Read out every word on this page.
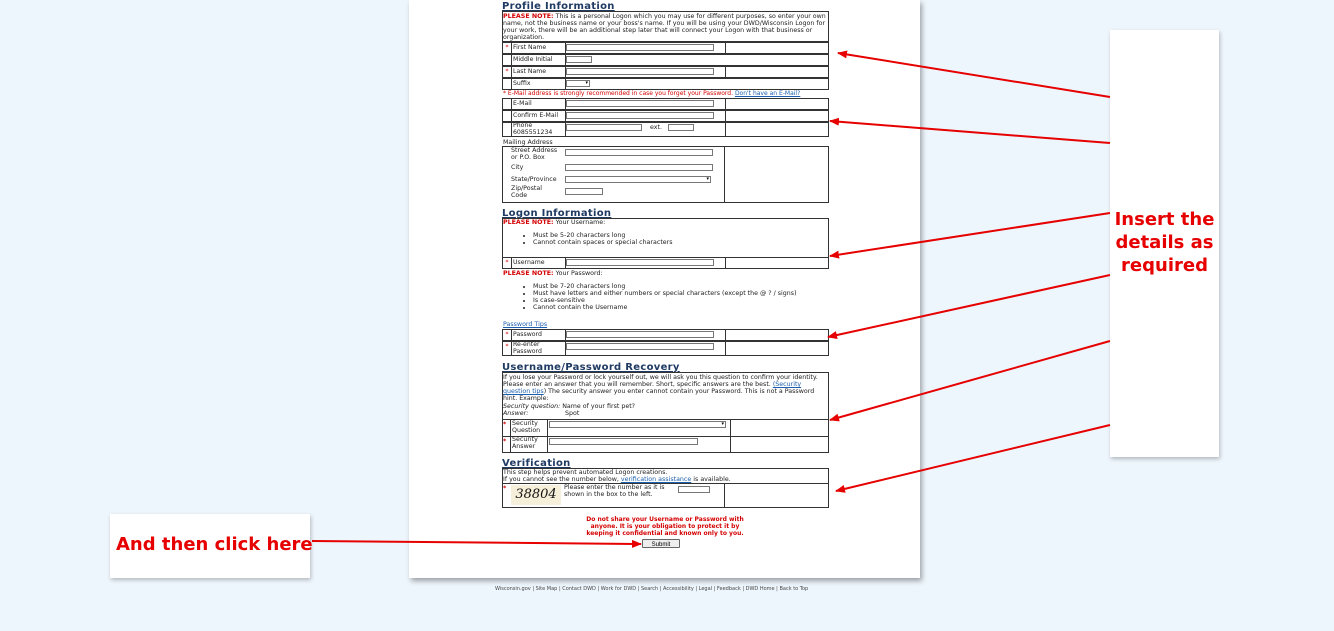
Profile Information
PLEASE NOTE: This is a personal Logon which you may use for different purposes, so enter your own name, not the business name or your boss's name. If you will be using your DWD/Wisconsin Logon for your work, there will be an additional step later that will connect your Logon with that business or organization.
* First Name
Middle Initial
* Last Name
Suffix	▾
* E-Mail address is strongly recommended in case you forget your Password. Don't have an E-Mail?
E-Mail
Confirm E-Mail
Phone
6085551234
ext.
Mailing Address
Street Address
or P.O. Box
City
State/Province	▾
Zip/Postal
Code
Logon Information
PLEASE NOTE: Your Username:
• Must be 5-20 characters long
• Cannot contain spaces or special characters
* Username
PLEASE NOTE: Your Password:
• Must be 7-20 characters long
• Must have letters and either numbers or special characters (except the @ ? / signs)
• Is case-sensitive
• Cannot contain the Username
Password Tips
* Password
* Re-enter
Password
Username/Password Recovery
If you lose your Password or lock yourself out, we will ask you this question to confirm your identity. Please enter an answer that you will remember. Short, specific answers are the best. (Security question tips) The security answer you enter cannot contain your Password. This is not a Password hint. Example:
Security question: Name of your first pet?
Answer:	Spot
* Security
Question
▾
* Security
Answer
Verification
This step helps prevent automated Logon creations.
If you cannot see the number below, verification assistance is available.
* 38804	Please enter the number as it is
shown in the box to the left.
Do not share your Username or Password with
anyone. It is your obligation to protect it by
keeping it confidential and known only to you.
Submit
Wisconsin.gov | Site Map | Contact DWD | Work for DWD | Search | Accessibility | Legal | Feedback | DWD Home | Back to Top
Insert the
details as
required
And then click here
